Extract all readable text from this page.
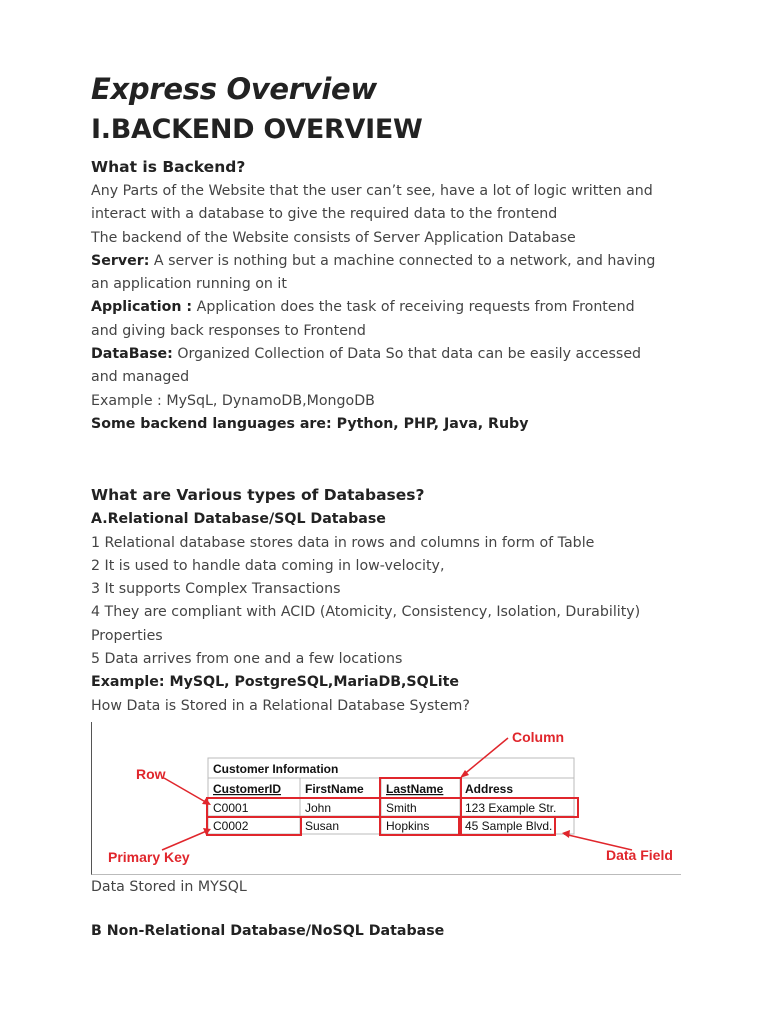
Express Overview
I.BACKEND OVERVIEW
What is Backend?

Any Parts of the Website that the user can’t see, have a lot of logic written and

interact with a database to give the required data to the frontend

The backend of the Website consists of Server Application Database

Server: A server is nothing but a machine connected to a network, and having

an application running on it

Application : Application does the task of receiving requests from Frontend

and giving back responses to Frontend

DataBase: Organized Collection of Data So that data can be easily accessed

and managed

Example : MySqL, DynamoDB,MongoDB

Some backend languages are: Python, PHP, Java, Ruby

What are Various types of Databases?

A.Relational Database/SQL Database

1 Relational database stores data in rows and columns in form of Table

2 It is used to handle data coming in low-velocity,

3 It supports Complex Transactions

4 They are compliant with ACID (Atomicity, Consistency, Isolation, Durability)

Properties

5 Data arrives from one and a few locations

Example: MySQL, PostgreSQL,MariaDB,SQLite

How Data is Stored in a Relational Database System?

Customer Information
CustomerID FirstName LastName Address
C0001	John	Smith	123 Example Str.
C0002	Susan	Hopkins	45 Sample Blvd.
Column
Row
Primary Key	Data Field

Data Stored in MYSQL

B Non-Relational Database/NoSQL Database
